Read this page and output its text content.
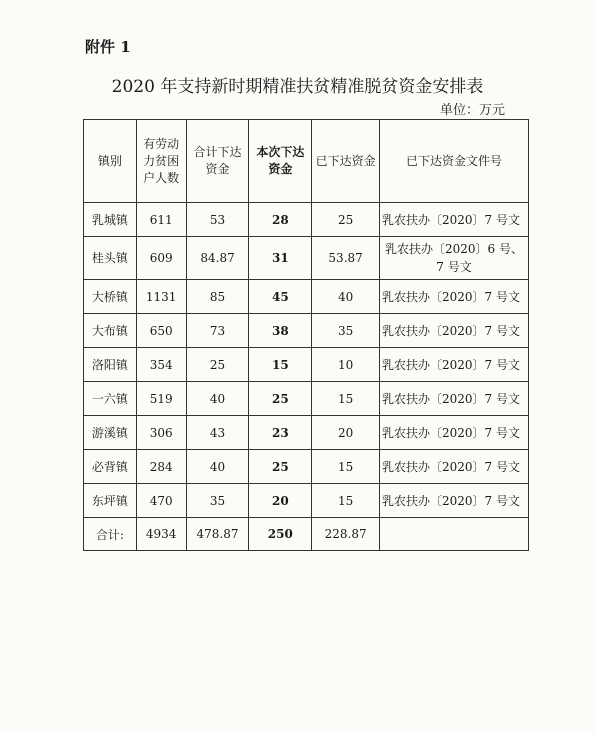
附件 1
2020 年支持新时期精准扶贫精准脱贫资金安排表
单位：万元
镇别	有劳动力贫困户人数	合计下达资金	本次下达资金	已下达资金	已下达资金文件号
乳城镇	611	53	28	25	乳农扶办〔2020〕7 号文
桂头镇	609	84.87	31	53.87	乳农扶办〔2020〕6 号、7 号文
大桥镇	1131	85	45	40	乳农扶办〔2020〕7 号文
大布镇	650	73	38	35	乳农扶办〔2020〕7 号文
洛阳镇	354	25	15	10	乳农扶办〔2020〕7 号文
一六镇	519	40	25	15	乳农扶办〔2020〕7 号文
游溪镇	306	43	23	20	乳农扶办〔2020〕7 号文
必背镇	284	40	25	15	乳农扶办〔2020〕7 号文
东坪镇	470	35	20	15	乳农扶办〔2020〕7 号文
合计:	4934	478.87	250	228.87	
